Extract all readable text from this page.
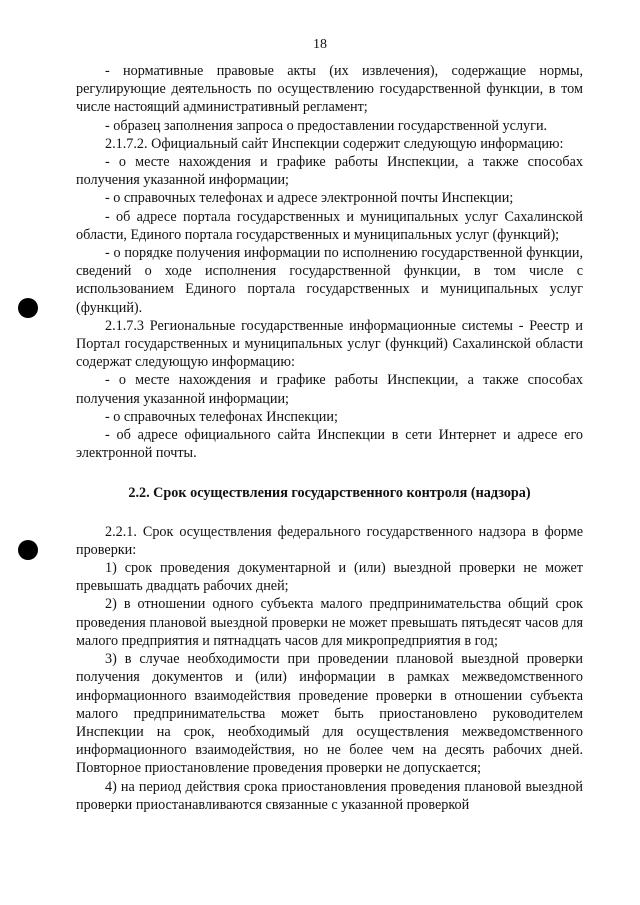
18

- нормативные правовые акты (их извлечения), содержащие нормы, регулирующие деятельность по осуществлению государственной функции, в том числе настоящий административный регламент;

- образец заполнения запроса о предоставлении государственной услуги.

2.1.7.2. Официальный сайт Инспекции содержит следующую информацию:

- о месте нахождения и графике работы Инспекции, а также способах получения указанной информации;

- о справочных телефонах и адресе электронной почты Инспекции;

- об адресе портала государственных и муниципальных услуг Сахалинской области, Единого портала государственных и муниципальных услуг (функций);

- о порядке получения информации по исполнению государственной функции, сведений о ходе исполнения государственной функции, в том числе с использованием Единого портала государственных и муниципальных услуг (функций).

2.1.7.3 Региональные государственные информационные системы - Реестр и Портал государственных и муниципальных услуг (функций) Сахалинской области содержат следующую информацию:

- о месте нахождения и графике работы Инспекции, а также способах получения указанной информации;

- о справочных телефонах Инспекции;

- об адресе официального сайта Инспекции в сети Интернет и адресе его электронной почты.

2.2. Срок осуществления государственного контроля (надзора)

2.2.1. Срок осуществления федерального государственного надзора в форме проверки:

1) срок проведения документарной и (или) выездной проверки не может превышать двадцать рабочих дней;

2) в отношении одного субъекта малого предпринимательства общий срок проведения плановой выездной проверки не может превышать пятьдесят часов для малого предприятия и пятнадцать часов для микропредприятия в год;

3) в случае необходимости при проведении плановой выездной проверки получения документов и (или) информации в рамках межведомственного информационного взаимодействия проведение проверки в отношении субъекта малого предпринимательства может быть приостановлено руководителем Инспекции на срок, необходимый для осуществления межведомственного информационного взаимодействия, но не более чем на десять рабочих дней. Повторное приостановление проведения проверки не допускается;

4) на период действия срока приостановления проведения плановой выездной проверки приостанавливаются связанные с указанной проверкой
